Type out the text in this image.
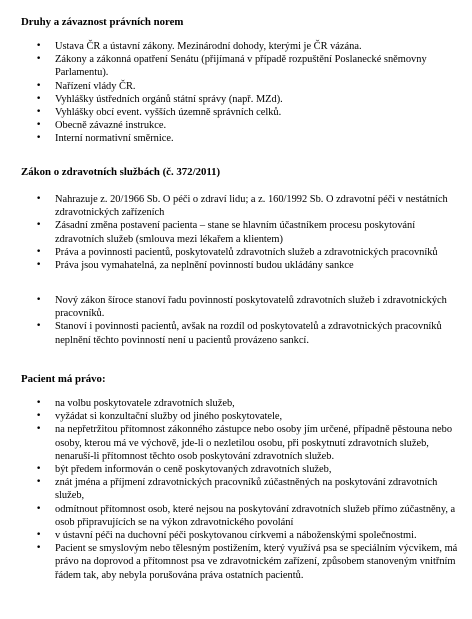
Druhy a závaznost právních norem
• Ustava ČR a ústavní zákony. Mezinárodní dohody, kterými je ČR vázána.
• Zákony a zákonná opatření Senátu (přijímaná v případě rozpuštění Poslanecké sněmovny Parlamentu).
• Nařízení vlády ČR.
• Vyhlášky ústředních orgánů státní správy (např. MZd).
• Vyhlášky obcí event. vyšších územně správních celků.
• Obecně závazné instrukce.
• Interní normativní směrnice.
Zákon o zdravotních službách (č. 372/2011)
• Nahrazuje z. 20/1966 Sb. O péči o zdraví lidu; a z. 160/1992 Sb. O zdravotní péči v nestátních zdravotnických zařízeních
• Zásadní změna postavení pacienta – stane se hlavním účastníkem procesu poskytování zdravotních služeb (smlouva mezi lékařem a klientem)
• Práva a povinnosti pacientů, poskytovatelů zdravotních služeb a zdravotnických pracovníků
• Práva jsou vymahatelná, za neplnění povinností budou ukládány sankce
• Nový zákon šíroce stanoví řadu povinností poskytovatelů zdravotních služeb i zdravotnických pracovníků.
• Stanoví i povinnosti pacientů, avšak na rozdíl od poskytovatelů a zdravotnických pracovníků neplnění těchto povinností není u pacientů provázeno sankcí.
Pacient má právo:
• na volbu poskytovatele zdravotních služeb,
• vyžádat si konzultační služby od jiného poskytovatele,
• na nepřetržitou přítomnost zákonného zástupce nebo osoby jím určené, případně pěstouna nebo osoby, kterou má ve výchově, jde-li o nezletilou osobu, při poskytnutí zdravotních služeb, nenaruší-li přítomnost těchto osob poskytování zdravotních služeb.
• být předem informován o ceně poskytovaných zdravotních služeb,
• znát jména a příjmení zdravotnických pracovníků zúčastněných na poskytování zdravotních služeb,
• odmítnout přítomnost osob, které nejsou na poskytování zdravotních služeb přímo zúčastněny, a osob připravujících se na výkon zdravotnického povolání
• v ústavní péči na duchovní péči poskytovanou církvemi a náboženskými společnostmi.
• Pacient se smyslovým nebo tělesným postižením, který využívá psa se speciálním výcvikem, má právo na doprovod a přítomnost psa ve zdravotnickém zařízení, způsobem stanoveným vnitřním řádem tak, aby nebyla porušována práva ostatních pacientů.
